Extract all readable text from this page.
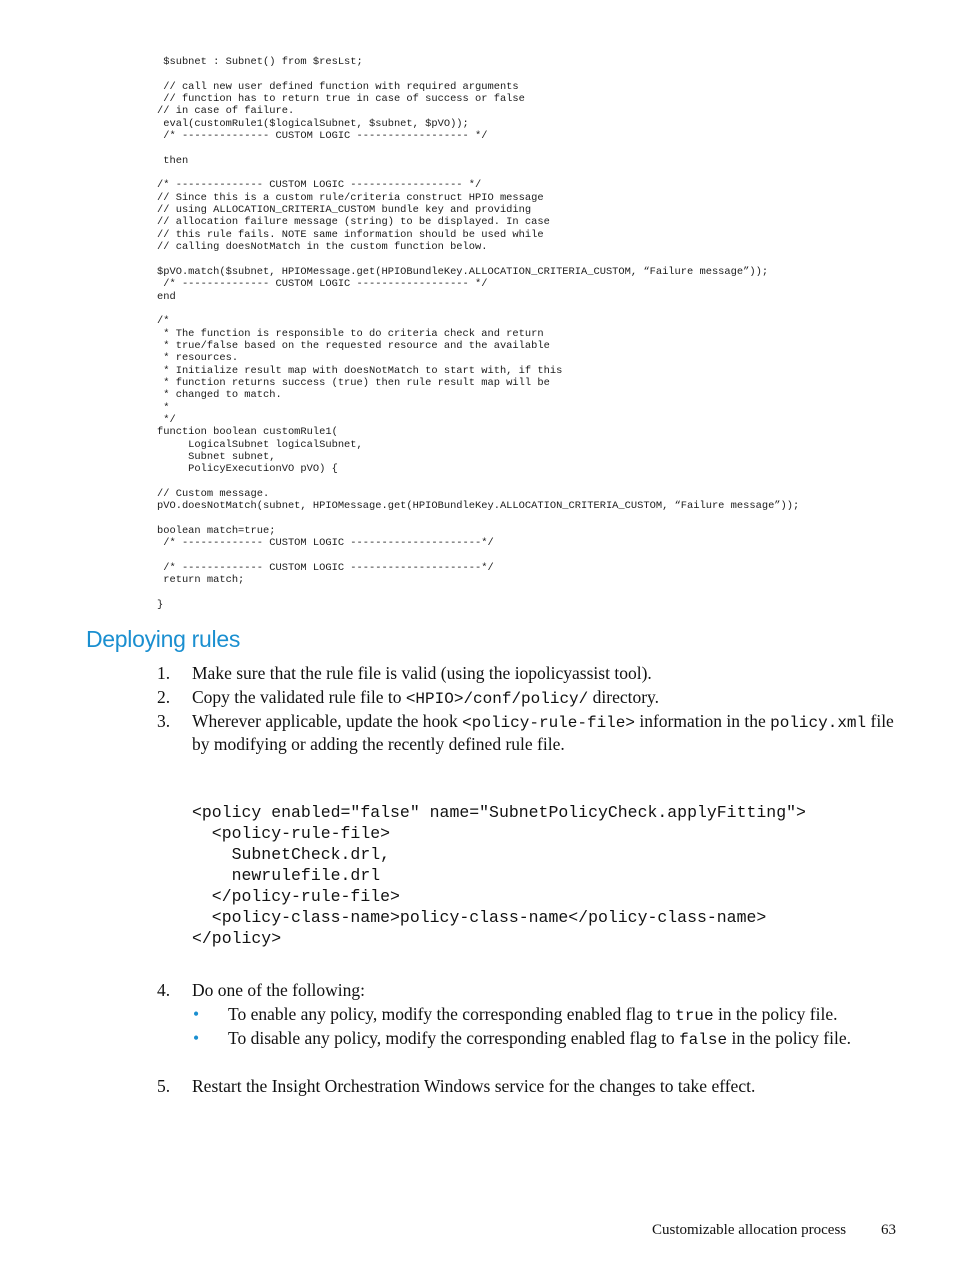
$subnet : Subnet() from $resLst;

// call new user defined function with required arguments
// function has to return true in case of success or false
// in case of failure.
eval(customRule1($logicalSubnet, $subnet, $pVO));
/* -------------- CUSTOM LOGIC ------------------ */

then

/* -------------- CUSTOM LOGIC ------------------ */
// Since this is a custom rule/criteria construct HPIO message
// using ALLOCATION_CRITERIA_CUSTOM bundle key and providing
// allocation failure message (string) to be displayed. In case
// this rule fails. NOTE same information should be used while
// calling doesNotMatch in the custom function below.

$pVO.match($subnet, HPIOMessage.get(HPIOBundleKey.ALLOCATION_CRITERIA_CUSTOM, “Failure message”));
/* -------------- CUSTOM LOGIC ------------------ */
end

/*
* The function is responsible to do criteria check and return
* true/false based on the requested resource and the available
* resources.
* Initialize result map with doesNotMatch to start with, if this
* function returns success (true) then rule result map will be
* changed to match.
*
*/
function boolean customRule1(
LogicalSubnet logicalSubnet,
Subnet subnet,
PolicyExecutionVO pVO) {

// Custom message.
pVO.doesNotMatch(subnet, HPIOMessage.get(HPIOBundleKey.ALLOCATION_CRITERIA_CUSTOM, “Failure message”));

boolean match=true;
/* ------------- CUSTOM LOGIC ---------------------*/

/* ------------- CUSTOM LOGIC ---------------------*/
return match;

}
Deploying rules
1. Make sure that the rule file is valid (using the iopolicyassist tool).
2. Copy the validated rule file to <HPIO>/conf/policy/ directory.
3. Wherever applicable, update the hook <policy-rule-file> information in the policy.xml file by modifying or adding the recently defined rule file.
<policy enabled="false" name="SubnetPolicyCheck.applyFitting">
<policy-rule-file>
SubnetCheck.drl,
newrulefile.drl
</policy-rule-file>
<policy-class-name>policy-class-name</policy-class-name>
</policy>
4. Do one of the following:
• To enable any policy, modify the corresponding enabled flag to true in the policy file.
• To disable any policy, modify the corresponding enabled flag to false in the policy file.
5. Restart the Insight Orchestration Windows service for the changes to take effect.
Customizable allocation process 63
